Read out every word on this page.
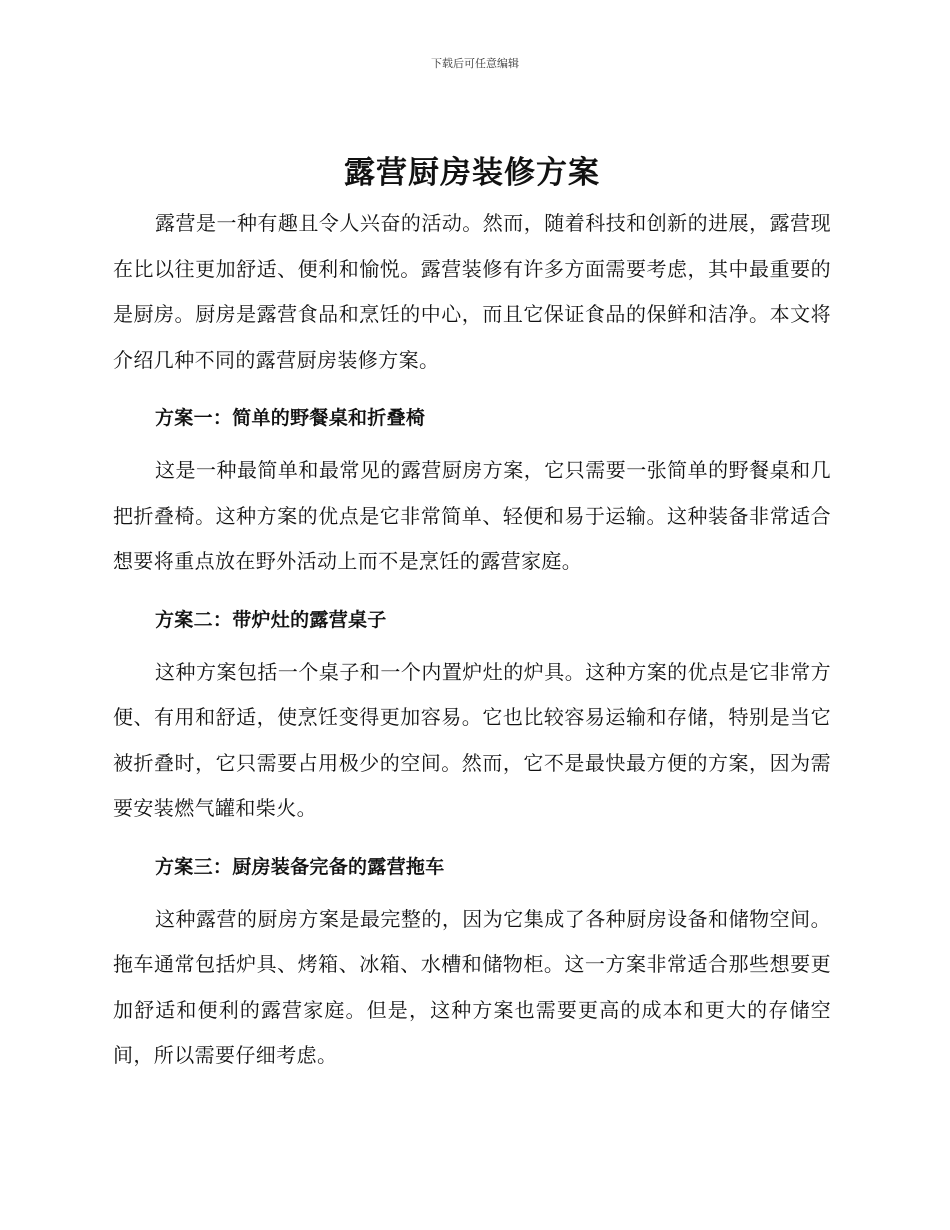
下载后可任意编辑
露营厨房装修方案

露营是一种有趣且令人兴奋的活动。然而，随着科技和创新的进展，露营现在比以往更加舒适、便利和愉悦。露营装修有许多方面需要考虑，其中最重要的是厨房。厨房是露营食品和烹饪的中心，而且它保证食品的保鲜和洁净。本文将介绍几种不同的露营厨房装修方案。

方案一：简单的野餐桌和折叠椅

这是一种最简单和最常见的露营厨房方案，它只需要一张简单的野餐桌和几把折叠椅。这种方案的优点是它非常简单、轻便和易于运输。这种装备非常适合想要将重点放在野外活动上而不是烹饪的露营家庭。

方案二：带炉灶的露营桌子

这种方案包括一个桌子和一个内置炉灶的炉具。这种方案的优点是它非常方便、有用和舒适，使烹饪变得更加容易。它也比较容易运输和存储，特别是当它被折叠时，它只需要占用极少的空间。然而，它不是最快最方便的方案，因为需要安装燃气罐和柴火。

方案三：厨房装备完备的露营拖车

这种露营的厨房方案是最完整的，因为它集成了各种厨房设备和储物空间。拖车通常包括炉具、烤箱、冰箱、水槽和储物柜。这一方案非常适合那些想要更加舒适和便利的露营家庭。但是，这种方案也需要更高的成本和更大的存储空间，所以需要仔细考虑。
